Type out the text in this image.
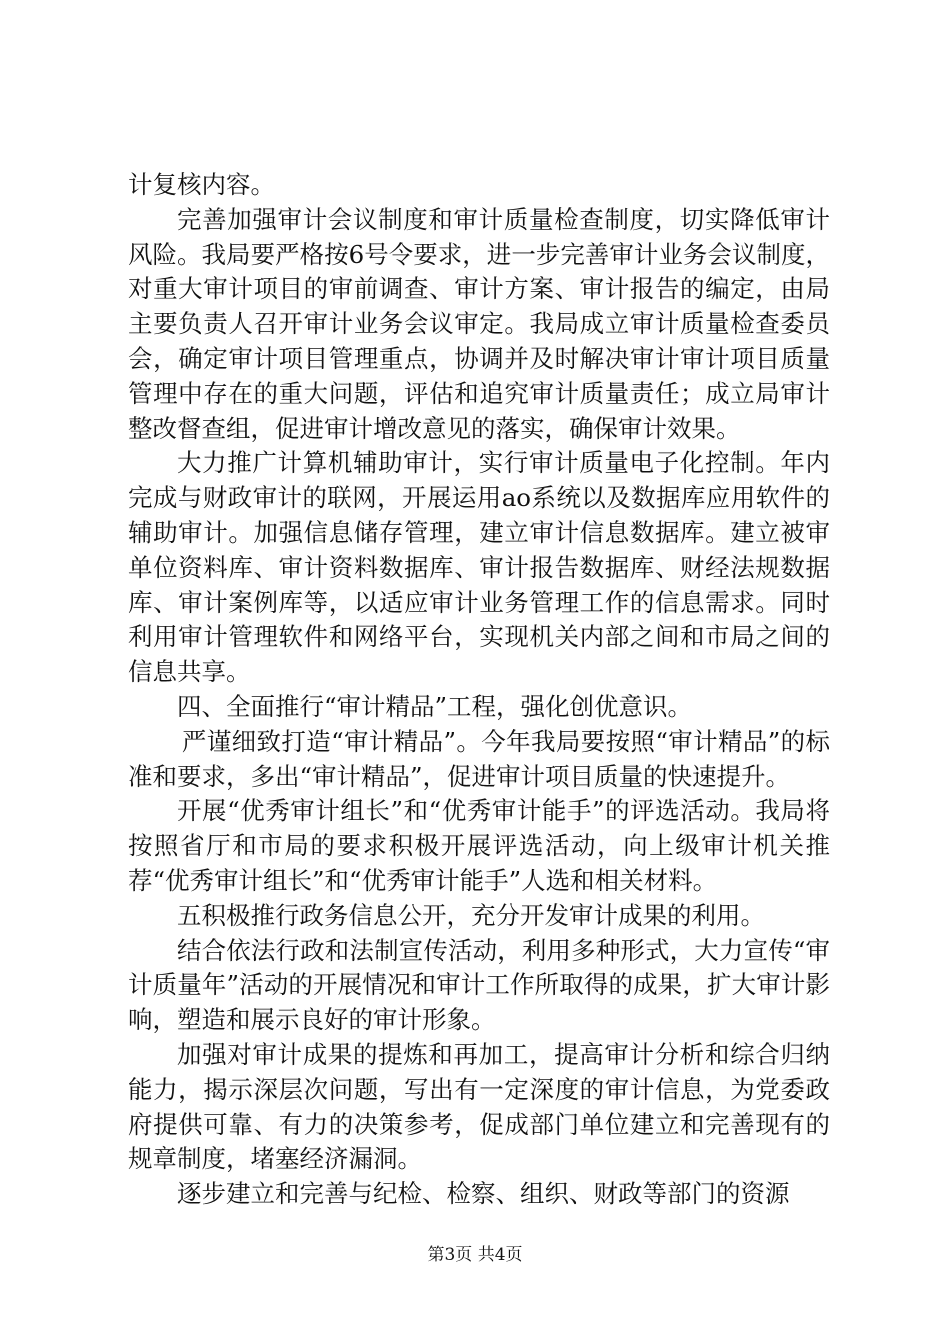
计复核内容。

完善加强审计会议制度和审计质量检查制度，切实降低审计风险。我局要严格按6号令要求，进一步完善审计业务会议制度，对重大审计项目的审前调查、审计方案、审计报告的编定，由局主要负责人召开审计业务会议审定。我局成立审计质量检查委员会，确定审计项目管理重点，协调并及时解决审计审计项目质量管理中存在的重大问题，评估和追究审计质量责任；成立局审计整改督查组，促进审计增改意见的落实，确保审计效果。

大力推广计算机辅助审计，实行审计质量电子化控制。年内完成与财政审计的联网，开展运用ao系统以及数据库应用软件的辅助审计。加强信息储存管理，建立审计信息数据库。建立被审单位资料库、审计资料数据库、审计报告数据库、财经法规数据库、审计案例库等，以适应审计业务管理工作的信息需求。同时利用审计管理软件和网络平台，实现机关内部之间和市局之间的信息共享。

四、全面推行“审计精品”工程，强化创优意识。

严谨细致打造“审计精品”。今年我局要按照“审计精品”的标准和要求，多出“审计精品”，促进审计项目质量的快速提升。

开展“优秀审计组长”和“优秀审计能手”的评选活动。我局将按照省厅和市局的要求积极开展评选活动，向上级审计机关推荐“优秀审计组长”和“优秀审计能手”人选和相关材料。

五积极推行政务信息公开，充分开发审计成果的利用。

结合依法行政和法制宣传活动，利用多种形式，大力宣传“审计质量年”活动的开展情况和审计工作所取得的成果，扩大审计影响，塑造和展示良好的审计形象。

加强对审计成果的提炼和再加工，提高审计分析和综合归纳能力，揭示深层次问题，写出有一定深度的审计信息，为党委政府提供可靠、有力的决策参考，促成部门单位建立和完善现有的规章制度，堵塞经济漏洞。

逐步建立和完善与纪检、检察、组织、财政等部门的资源

第3页 共4页
